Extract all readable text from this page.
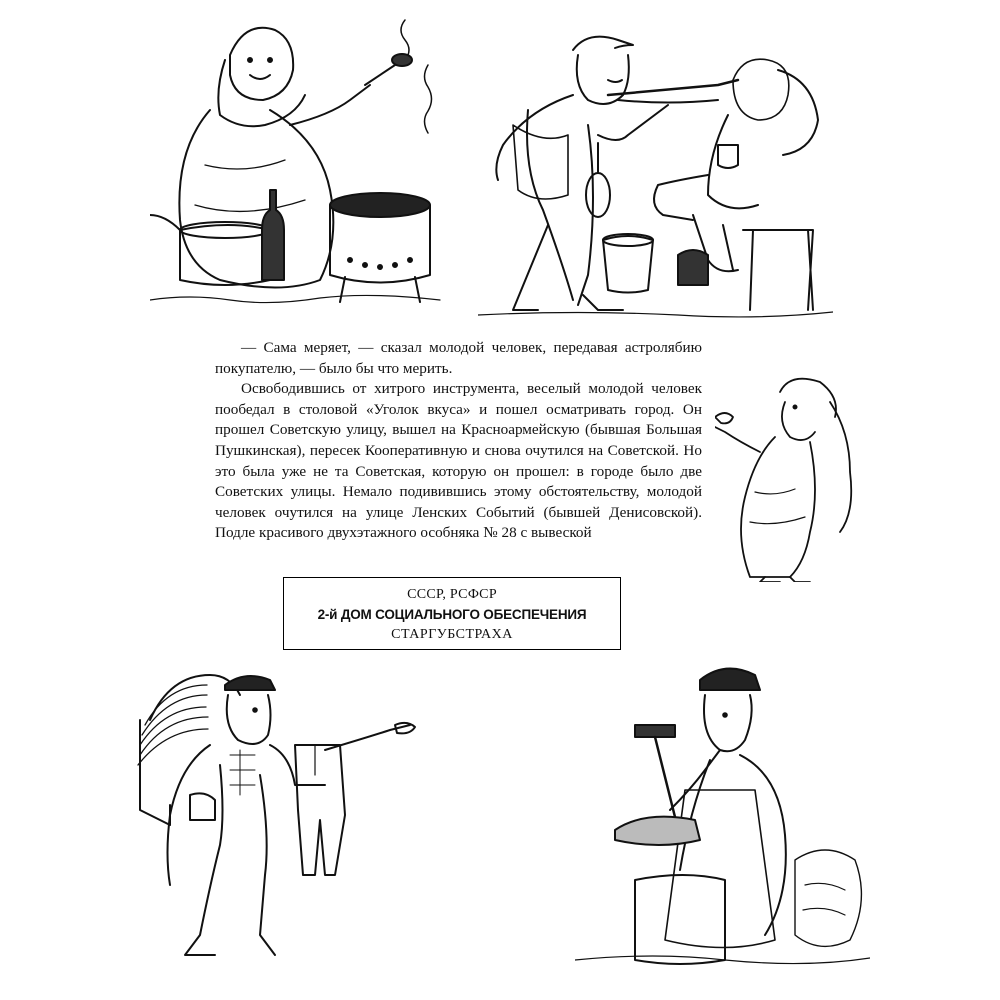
— Сама меряет, — сказал молодой человек, передавая астролябию покупателю, — было бы что мерить.

Освободившись от хитрого инструмента, веселый молодой человек пообедал в столовой «Уголок вкуса» и пошел осматривать город. Он прошел Советскую улицу, вышел на Красноармейскую (бывшая Большая Пушкинская), пересек Кооперативную и снова очутился на Советской. Но это была уже не та Советская, которую он прошел: в городе было две Советских улицы. Немало подивившись этому обстоятельству, молодой человек очутился на улице Ленских Событий (бывшей Денисовской). Подле красивого двухэтажного особняка № 28 с вывеской

СССР, РСФСР
2-й ДОМ СОЦИАЛЬНОГО ОБЕСПЕЧЕНИЯ
СТАРГУБСТРАХА
